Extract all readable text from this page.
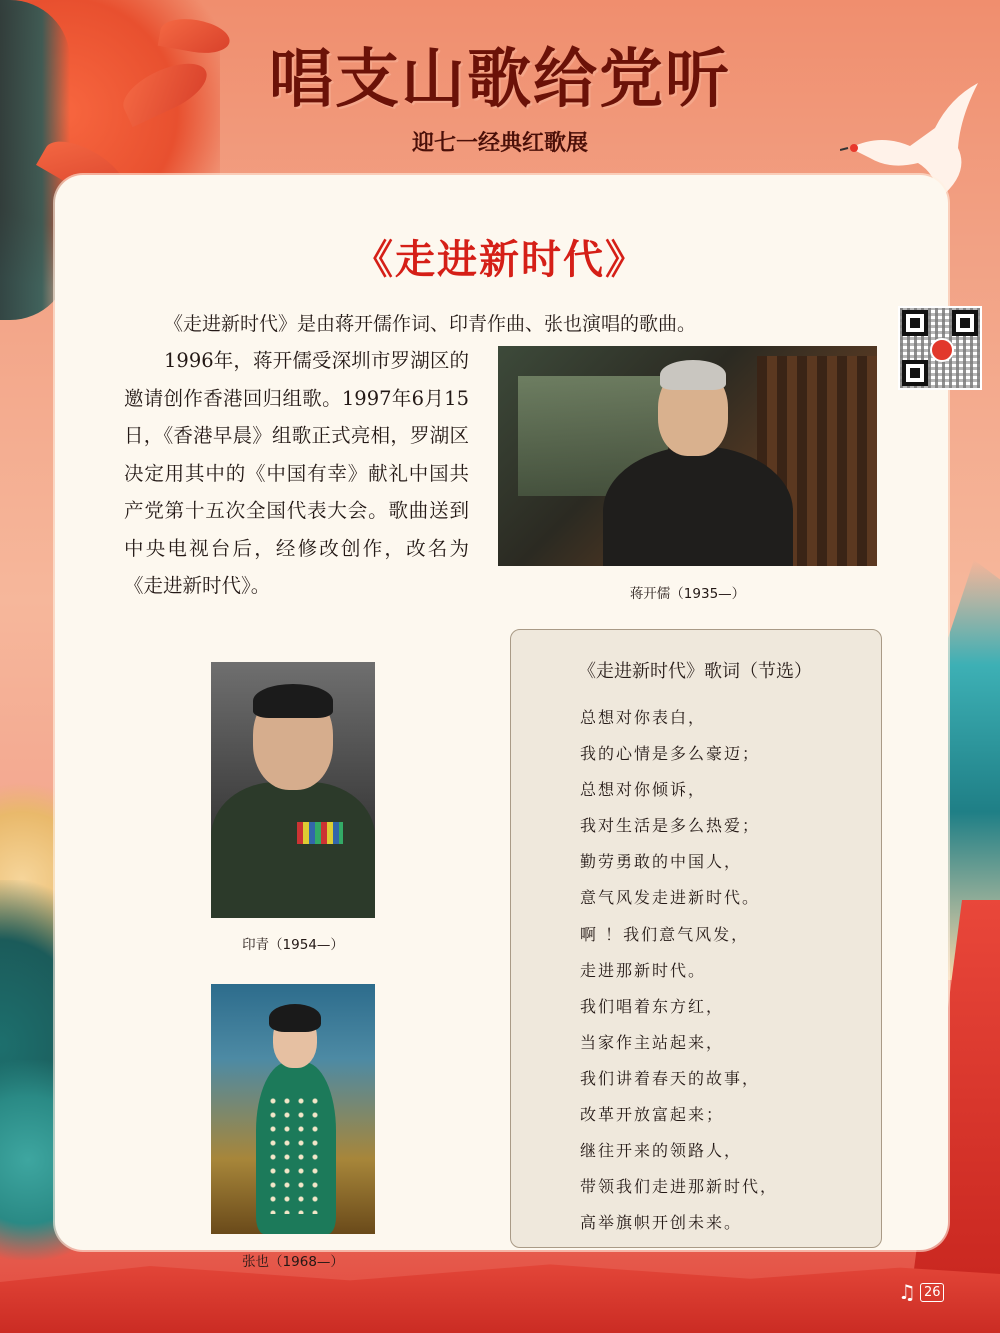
唱支山歌给党听
迎七一经典红歌展
《走进新时代》

《走进新时代》是由蒋开儒作词、印青作曲、张也演唱的歌曲。

1996年，蒋开儒受深圳市罗湖区的邀请创作香港回归组歌。1997年6月15日，《香港早晨》组歌正式亮相，罗湖区决定用其中的《中国有幸》献礼中国共产党第十五次全国代表大会。歌曲送到中央电视台后，经修改创作，改名为《走进新时代》。	蒋开儒（1935—）
印青（1954—）
张也（1968—）
《走进新时代》歌词（节选）
总想对你表白，
我的心情是多么豪迈；
总想对你倾诉，
我对生活是多么热爱；
勤劳勇敢的中国人，
意气风发走进新时代。
啊 ！我们意气风发，
走进那新时代。
我们唱着东方红，
当家作主站起来，
我们讲着春天的故事，
改革开放富起来；
继往开来的领路人，
带领我们走进那新时代，
高举旗帜开创未来。
♫ 26
